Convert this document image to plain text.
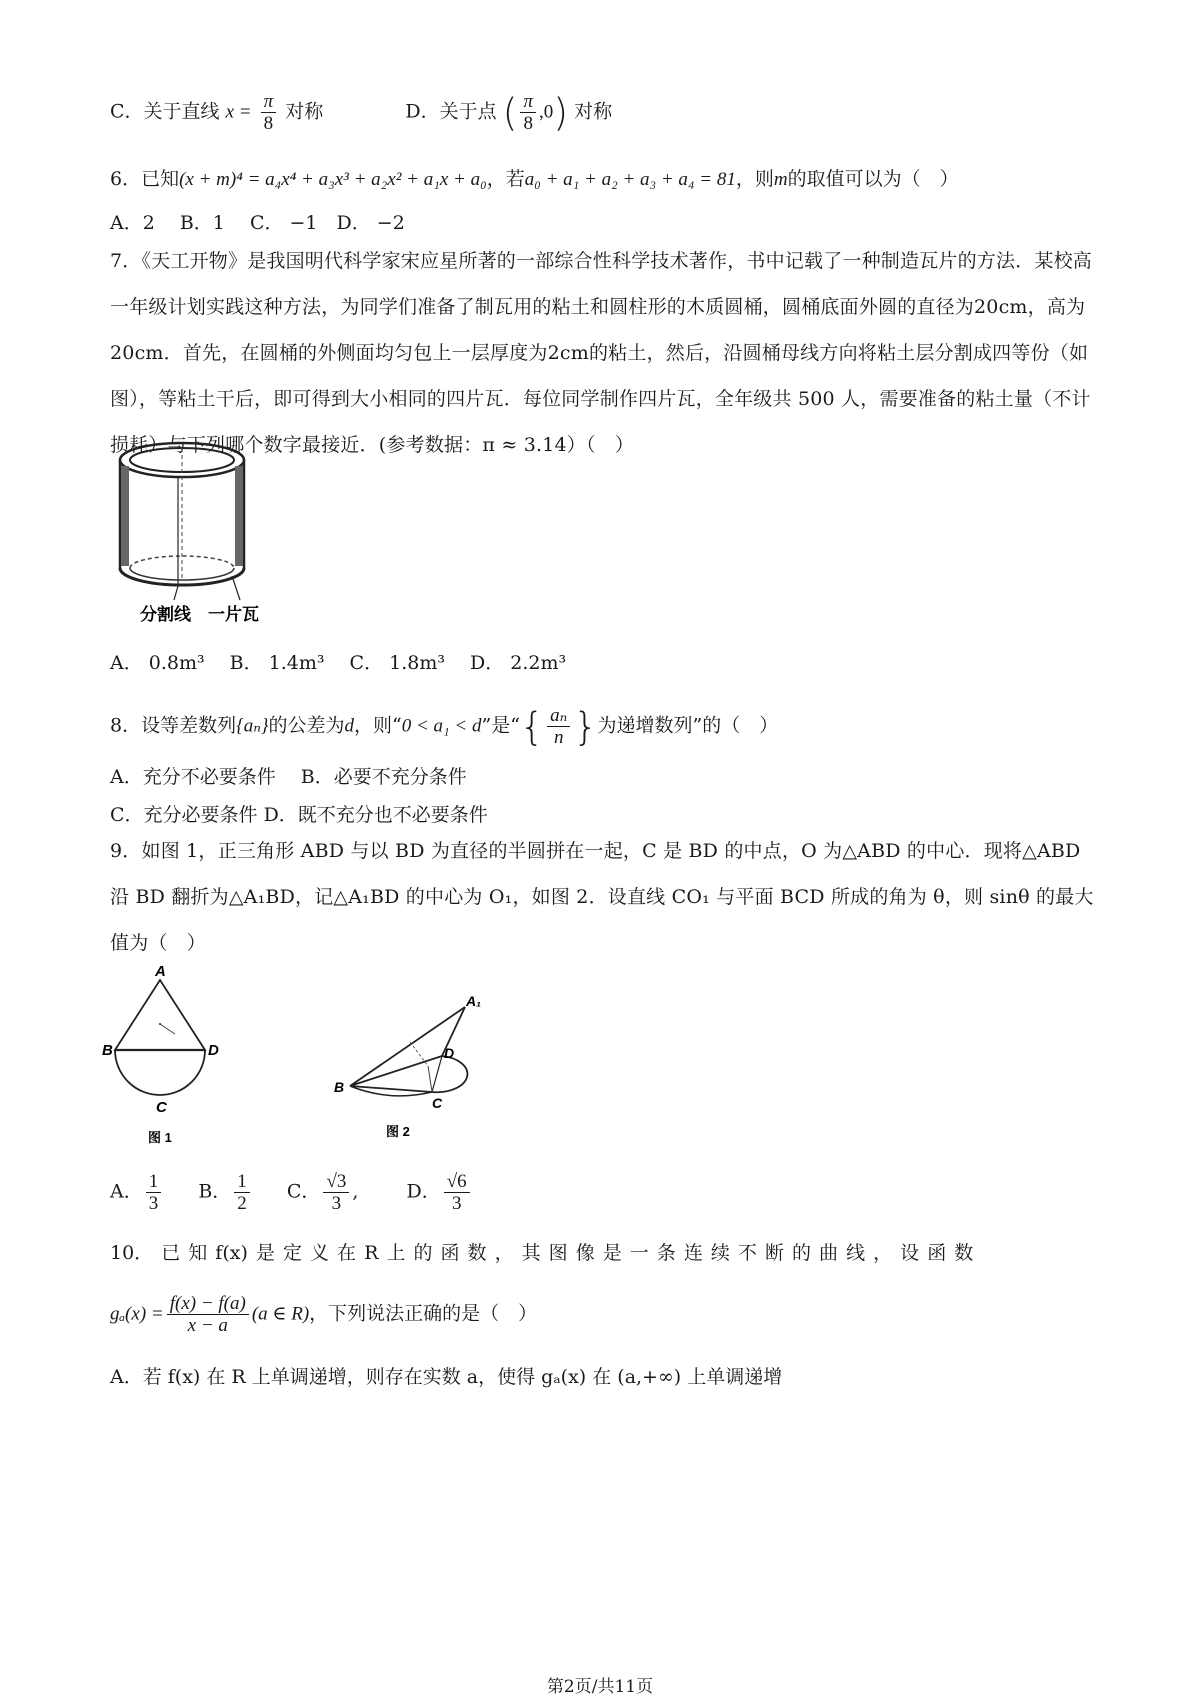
C．关于直线 $x = \frac{\pi}{8}$ 对称	D．关于点 ( $\frac{\pi}{8} ,0$) 对称
6．已知(x + m)⁴ = a₄x⁴ + a₃x³ + a₂x² + a₁x + a₀，若a₀ + a₁ + a₂ + a₃ + a₄ = 81，则m的取值可以为（　）
A．2　 B．1　 C． −1　D． −2
7．《天工开物》是我国明代科学家宋应星所著的一部综合性科学技术著作，书中记载了一种制造瓦片的方法．某校高一年级计划实践这种方法，为同学们准备了制瓦用的粘土和圆柱形的木质圆桶，圆桶底面外圆的直径为20cm，高为20cm．首先，在圆桶的外侧面均匀包上一层厚度为2cm的粘土，然后，沿圆桶母线方向将粘土层分割成四等份（如图），等粘土干后，即可得到大小相同的四片瓦．每位同学制作四片瓦，全年级共 500 人，需要准备的粘土量（不计损耗）与下列哪个数字最接近．(参考数据：π ≈ 3.14）（　）
分割线 一片瓦
A． 0.8m³　 B． 1.4m³　 C． 1.8m³　 D． 2.2m³
8．设等差数列{aₙ}的公差为d，则“0 < a₁ < d”是“{ $\frac{\text{aₙ}}{n}$ }为递增数列”的（　）
A．充分不必要条件　 B．必要不充分条件
C．充分必要条件 D．既不充分也不必要条件
9．如图 1，正三角形 ABD 与以 BD 为直径的半圆拼在一起，C 是 BD 的中点，O 为△ABD 的中心．现将△ABD 沿 BD 翻折为△A₁BD，记△A₁BD 的中心为 O₁，如图 2．设直线 CO₁ 与平面 BCD 所成的角为 θ，则 sinθ 的最大值为（　）
A
B	D
C
图 1
A₁
D
B
C
图 2
A． $\frac{1}{3}$ B． $\frac{1}{2}$ C． $\frac{√3}{3}$ ,	D． $\frac{√6}{3}$
10． 已 知 f(x) 是 定 义 在 R 上 的 函 数 ， 其 图 像 是 一 条 连 续 不 断 的 曲 线 ， 设 函 数
$g_a(x) = \frac{f(x) - f(a)}{x - a} (a$ ∈ R)，下列说法正确的是（　）
A．若 f(x) 在 R 上单调递增，则存在实数 a，使得 gₐ(x) 在 (a,+∞) 上单调递增
第2页/共11页
